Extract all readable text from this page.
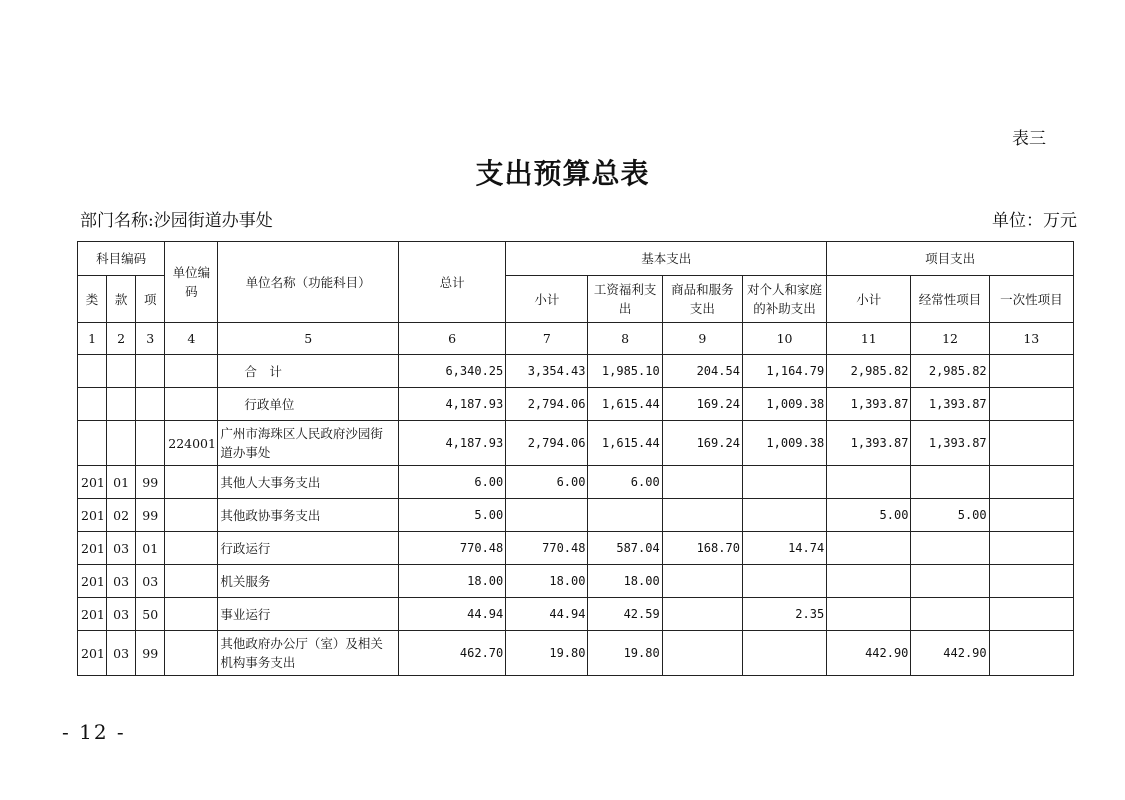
表三
支出预算总表
部门名称:沙园街道办事处	单位：万元
科目编码			单位编码	单位名称（功能科目）	总计	基本支出				项目支出		
类	款	项				小计	工资福利支出	商品和服务支出	对个人和家庭的补助支出	小计	经常性项目	一次性项目
1	2	3	4	5	6	7	8	9	10	11	12	13
				合　计	6,340.25	3,354.43	1,985.10	204.54	1,164.79	2,985.82	2,985.82	
				行政单位	4,187.93	2,794.06	1,615.44	169.24	1,009.38	1,393.87	1,393.87	
			224001	广州市海珠区人民政府沙园街道办事处	4,187.93	2,794.06	1,615.44	169.24	1,009.38	1,393.87	1,393.87	
201	01	99		其他人大事务支出	6.00	6.00	6.00					
201	02	99		其他政协事务支出	5.00					5.00	5.00	
201	03	01		行政运行	770.48	770.48	587.04	168.70	14.74			
201	03	03		机关服务	18.00	18.00	18.00					
201	03	50		事业运行	44.94	44.94	42.59		2.35			
201	03	99		其他政府办公厅（室）及相关机构事务支出	462.70	19.80	19.80			442.90	442.90	
- 12 -
